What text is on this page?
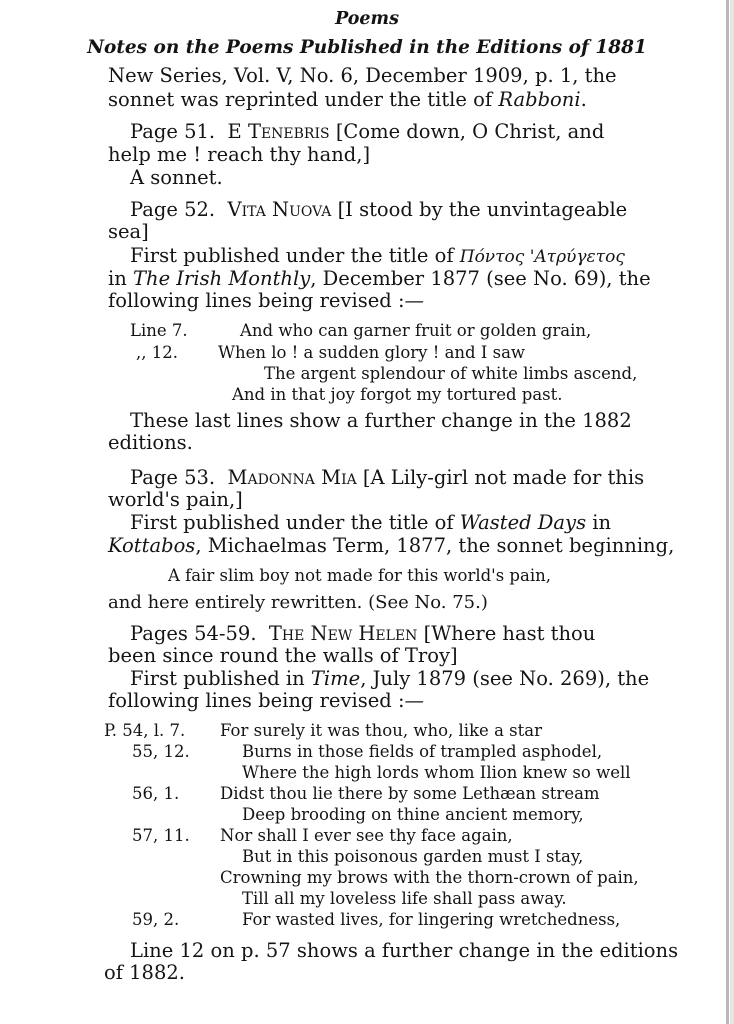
Poems
Notes on the Poems Published in the Editions of 1881
New Series, Vol. V, No. 6, December 1909, p. 1, the
sonnet was reprinted under the title of Rabboni.
Page 51. E Tenebris [Come down, O Christ, and
help me ! reach thy hand,]
A sonnet.
Page 52. Vita Nuova [I stood by the unvintageable
sea]
First published under the title of Πόντος 'Ατρύγετος
in The Irish Monthly, December 1877 (see No. 69), the
following lines being revised :—
Line 7.	And who can garner fruit or golden grain,
,, 12. When lo ! a sudden glory ! and I saw
The argent splendour of white limbs ascend,
And in that joy forgot my tortured past.
These last lines show a further change in the 1882
editions.
Page 53. Madonna Mia [A Lily-girl not made for this
world's pain,]
First published under the title of Wasted Days in
Kottabos, Michaelmas Term, 1877, the sonnet beginning,
A fair slim boy not made for this world's pain,
and here entirely rewritten. (See No. 75.)
Pages 54-59. The New Helen [Where hast thou
been since round the walls of Troy]
First published in Time, July 1879 (see No. 269), the
following lines being revised :—
P. 54, l. 7. For surely it was thou, who, like a star
55, 12.	Burns in those fields of trampled asphodel,
Where the high lords whom Ilion knew so well
56, 1. Didst thou lie there by some Lethæan stream
Deep brooding on thine ancient memory,
57, 11. Nor shall I ever see thy face again,
But in this poisonous garden must I stay,
Crowning my brows with the thorn-crown of pain,
Till all my loveless life shall pass away.
59, 2.	For wasted lives, for lingering wretchedness,
Line 12 on p. 57 shows a further change in the editions
of 1882.
